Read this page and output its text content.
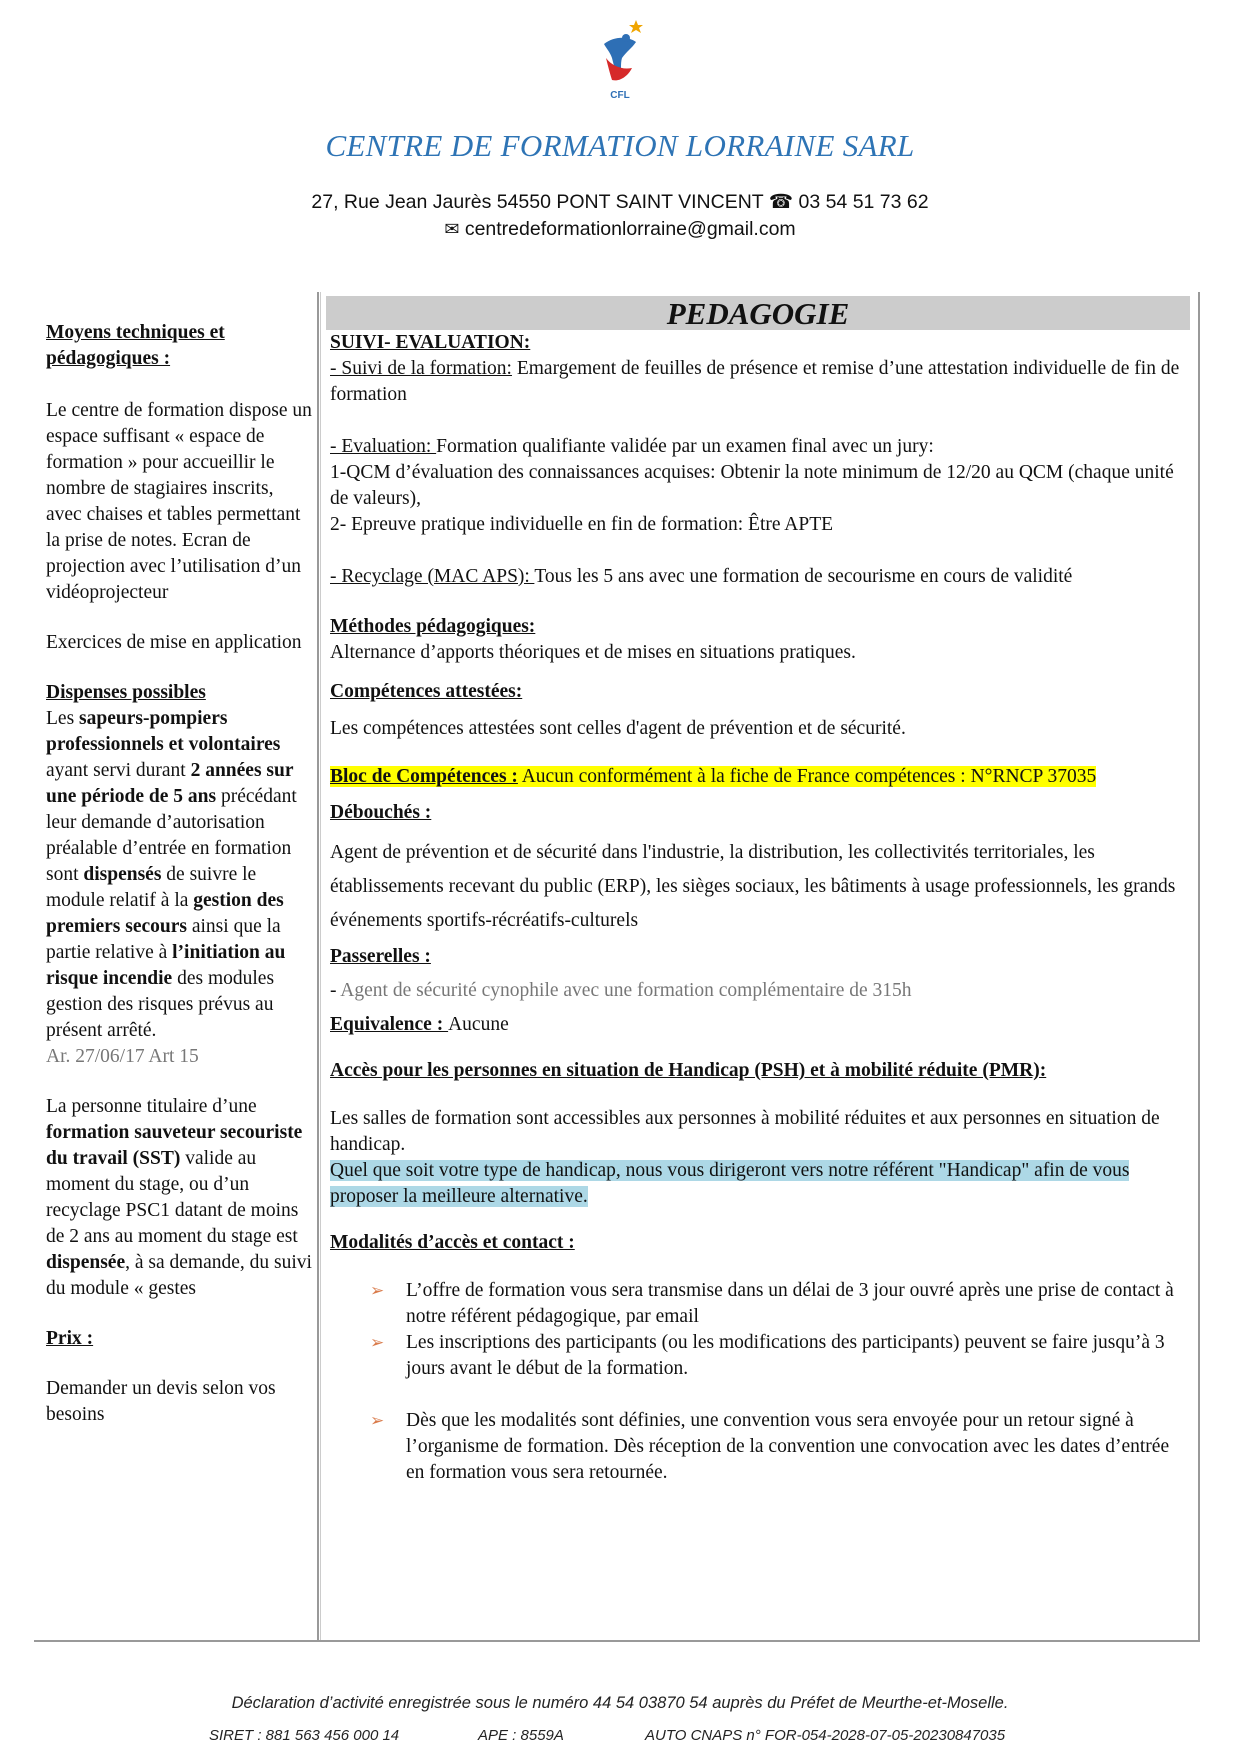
CFL
CENTRE DE FORMATION LORRAINE SARL
27, Rue Jean Jaurès 54550 PONT SAINT VINCENT ☎ 03 54 51 73 62
✉ centredeformationlorraine@gmail.com

Moyens techniques et pédagogiques :

Le centre de formation dispose un espace suffisant « espace de formation » pour accueillir le nombre de stagiaires inscrits, avec chaises et tables permettant la prise de notes. Ecran de projection avec l’utilisation d’un vidéoprojecteur

Exercices de mise en application

Dispenses possibles

Les sapeurs-pompiers professionnels et volontaires ayant servi durant 2 années sur une période de 5 ans précédant leur demande d’autorisation préalable d’entrée en formation sont dispensés de suivre le module relatif à la gestion des premiers secours ainsi que la partie relative à l’initiation au risque incendie des modules gestion des risques prévus au présent arrêté.

Ar. 27/06/17 Art 15

La personne titulaire d’une formation sauveteur secouriste du travail (SST) valide au moment du stage, ou d’un recyclage PSC1 datant de moins de 2 ans au moment du stage est dispensée, à sa demande, du suivi du module « gestes

Prix :

Demander un devis selon vos besoins

PEDAGOGIE

SUIVI- EVALUATION:

- Suivi de la formation: Emargement de feuilles de présence et remise d’une attestation individuelle de fin de formation

- Evaluation: Formation qualifiante validée par un examen final avec un jury:

1-QCM d’évaluation des connaissances acquises: Obtenir la note minimum de 12/20 au QCM (chaque unité de valeurs),

2- Epreuve pratique individuelle en fin de formation: Être APTE

- Recyclage (MAC APS): Tous les 5 ans avec une formation de secourisme en cours de validité

Méthodes pédagogiques:

Alternance d’apports théoriques et de mises en situations pratiques.

Compétences attestées:

Les compétences attestées sont celles d'agent de prévention et de sécurité.

Bloc de Compétences : Aucun conformément à la fiche de France compétences : N°RNCP 37035

Débouchés :

Agent de prévention et de sécurité dans l'industrie, la distribution, les collectivités territoriales, les établissements recevant du public (ERP), les sièges sociaux, les bâtiments à usage professionnels, les grands événements sportifs-récréatifs-culturels

Passerelles :

- Agent de sécurité cynophile avec une formation complémentaire de 315h

Equivalence : Aucune

Accès pour les personnes en situation de Handicap (PSH) et à mobilité réduite (PMR):

Les salles de formation sont accessibles aux personnes à mobilité réduites et aux personnes en situation de handicap.

Quel que soit votre type de handicap, nous vous dirigeront vers notre référent "Handicap" afin de vous proposer la meilleure alternative.

Modalités d’accès et contact :

➢ L’offre de formation vous sera transmise dans un délai de 3 jour ouvré après une prise de contact à notre référent pédagogique, par email
➢ Les inscriptions des participants (ou les modifications des participants) peuvent se faire jusqu’à 3 jours avant le début de la formation.
➢ Dès que les modalités sont définies, une convention vous sera envoyée pour un retour signé à l’organisme de formation. Dès réception de la convention une convocation avec les dates d’entrée en formation vous sera retournée.
Déclaration d’activité enregistrée sous le numéro 44 54 03870 54 auprès du Préfet de Meurthe-et-Moselle.
SIRET : 881 563 456 000 14	APE : 8559A	AUTO CNAPS n° FOR-054-2028-07-05-20230847035
